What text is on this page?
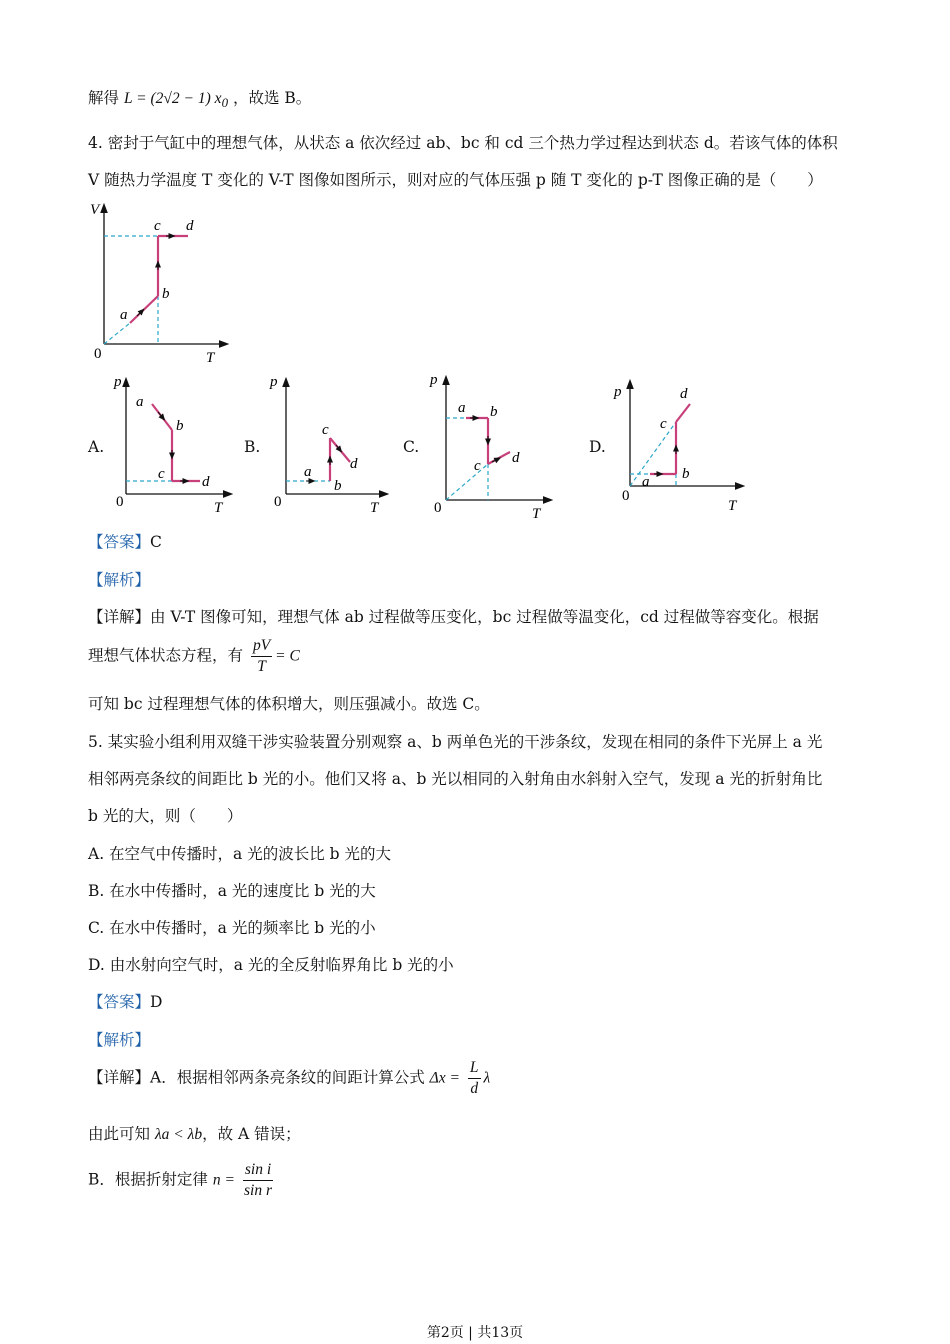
解得 L = (2√2 − 1) $x_0$ ，故选 B。
4. 密封于气缸中的理想气体，从状态 a 依次经过 ab、bc 和 cd 三个热力学过程达到状态 d。若该气体的体积
V 随热力学温度 T 变化的 V-T 图像如图所示，则对应的气体压强 p 随 T 变化的 p-T 图像正确的是（　　）
V
T
0
a
b
c d
A.	B.	C.	D.
p
T
0
a
b
c d
p
T
0
a
b
c
d
p
T
0
a b
c d
p
T
0
a b
c
d
【答案】C
【解析】
【详解】由 V-T 图像可知，理想气体 ab 过程做等压变化，bc 过程做等温变化，cd 过程做等容变化。根据
理想气体状态方程，有 $\frac{pV}{T} = C$
可知 bc 过程理想气体的体积增大，则压强减小。故选 C。
5. 某实验小组利用双缝干涉实验装置分别观察 a、b 两单色光的干涉条纹，发现在相同的条件下光屏上 a 光
相邻两亮条纹的间距比 b 光的小。他们又将 a、b 光以相同的入射角由水斜射入空气，发现 a 光的折射角比
b 光的大，则（　　）
A. 在空气中传播时，a 光的波长比 b 光的大
B. 在水中传播时，a 光的速度比 b 光的大
C. 在水中传播时，a 光的频率比 b 光的小
D. 由水射向空气时，a 光的全反射临界角比 b 光的小
【答案】D
【解析】
【详解】A．根据相邻两条亮条纹的间距计算公式 $\Delta x = \frac{L}{d}$ λ
由此可知 λa < λb，故 A 错误；
B．根据折射定律 $n = \frac{\text{sin i}}{\text{sin r}}$
第2页 | 共13页
